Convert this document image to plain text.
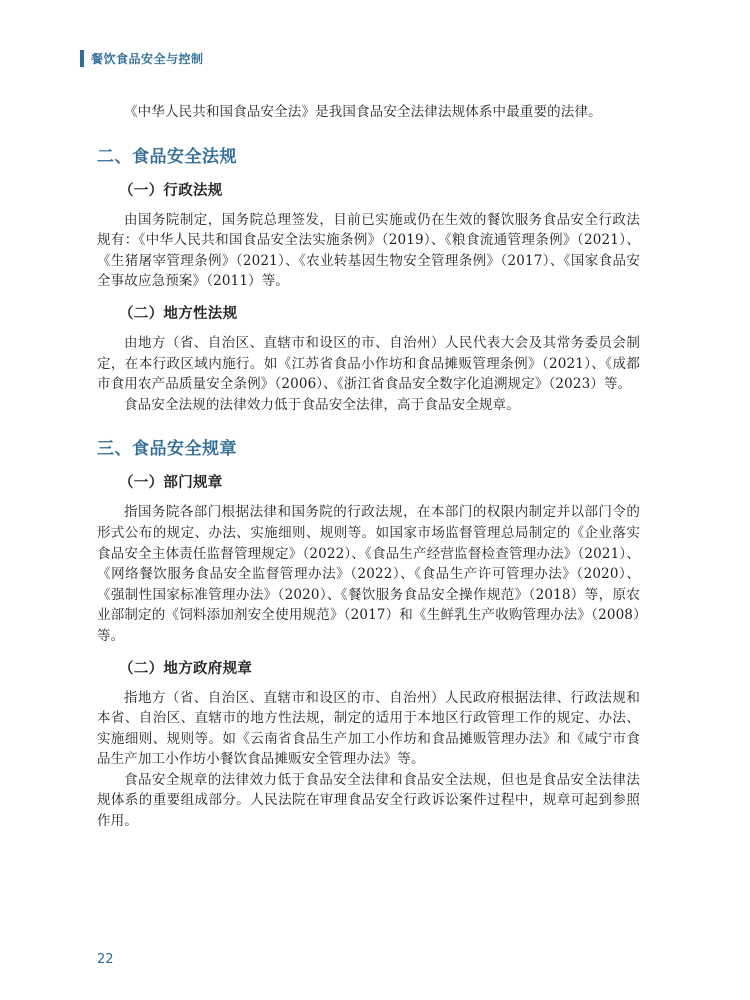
餐饮食品安全与控制

《中华人民共和国食品安全法》是我国食品安全法律法规体系中最重要的法律。

二、食品安全法规
（一）行政法规

由国务院制定，国务院总理签发，目前已实施或仍在生效的餐饮服务食品安全行政法规有：《中华人民共和国食品安全法实施条例》（2019）、《粮食流通管理条例》（2021）、《生猪屠宰管理条例》（2021）、《农业转基因生物安全管理条例》（2017）、《国家食品安全事故应急预案》（2011）等。

（二）地方性法规

由地方（省、自治区、直辖市和设区的市、自治州）人民代表大会及其常务委员会制定，在本行政区域内施行。如《江苏省食品小作坊和食品摊贩管理条例》（2021）、《成都市食用农产品质量安全条例》（2006）、《浙江省食品安全数字化追溯规定》（2023）等。

食品安全法规的法律效力低于食品安全法律，高于食品安全规章。

三、食品安全规章
（一）部门规章

指国务院各部门根据法律和国务院的行政法规，在本部门的权限内制定并以部门令的形式公布的规定、办法、实施细则、规则等。如国家市场监督管理总局制定的《企业落实食品安全主体责任监督管理规定》（2022）、《食品生产经营监督检查管理办法》（2021）、《网络餐饮服务食品安全监督管理办法》（2022）、《食品生产许可管理办法》（2020）、《强制性国家标准管理办法》（2020）、《餐饮服务食品安全操作规范》（2018）等，原农业部制定的《饲料添加剂安全使用规范》（2017）和《生鲜乳生产收购管理办法》（2008）等。

（二）地方政府规章

指地方（省、自治区、直辖市和设区的市、自治州）人民政府根据法律、行政法规和本省、自治区、直辖市的地方性法规，制定的适用于本地区行政管理工作的规定、办法、实施细则、规则等。如《云南省食品生产加工小作坊和食品摊贩管理办法》和《咸宁市食品生产加工小作坊小餐饮食品摊贩安全管理办法》等。

食品安全规章的法律效力低于食品安全法律和食品安全法规，但也是食品安全法律法规体系的重要组成部分。人民法院在审理食品安全行政诉讼案件过程中，规章可起到参照作用。

22
